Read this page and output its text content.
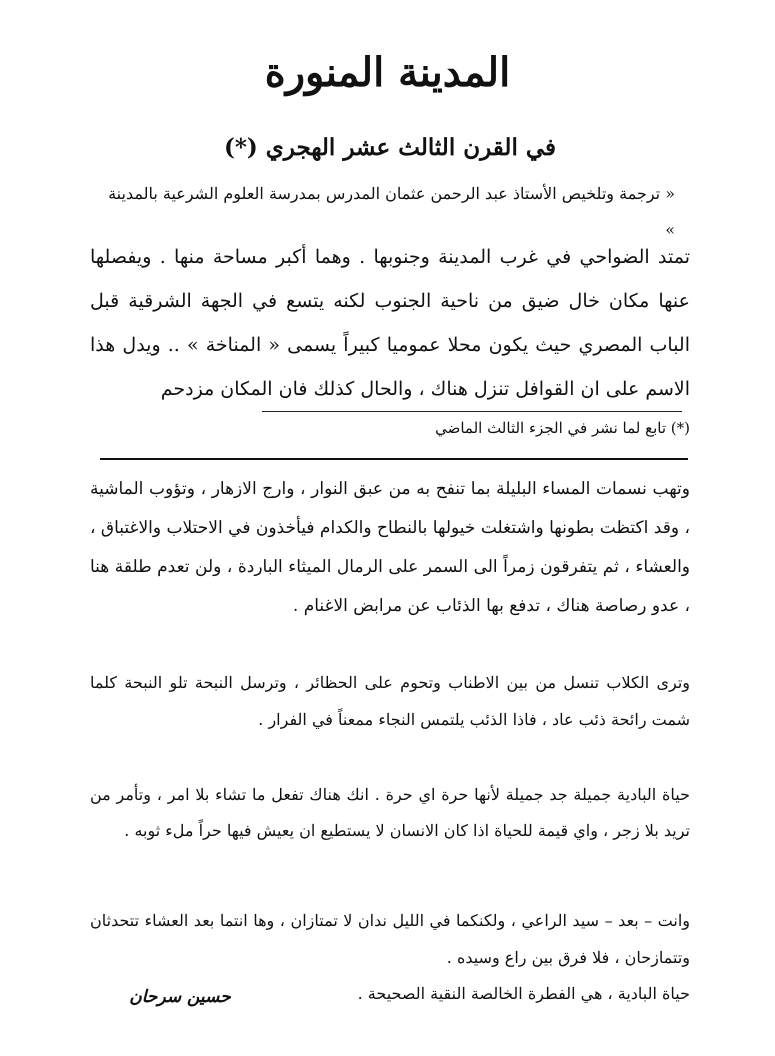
المدينة المنورة
في القرن الثالث عشر الهجري (*)
« ترجمة وتلخيص الأستاذ عبد الرحمن عثمان المدرس بمدرسة العلوم الشرعية بالمدينة »
تمتد الضواحي في غرب المدينة وجنوبها . وهما أكبر مساحة منها . ويفصلها عنها مكان خال ضيق من ناحية الجنوب لكنه يتسع في الجهة الشرقية قبل الباب المصري حيث يكون محلا عموميا كبيراً يسمى « المناخة » .. ويدل هذا الاسم على ان القوافل تنزل هناك ، والحال كذلك فان المكان مزدحم
(*) تابع لما نشر في الجزء الثالث الماضي
وتهب نسمات المساء البليلة بما تنفح به من عبق النوار ، وارج الازهار ، وتؤوب الماشية ، وقد اكتظت بطونها واشتغلت خيولها بالنطاح والكدام فيأخذون في الاحتلاب والاغتباق ، والعشاء ، ثم يتفرقون زمراً الى السمر على الرمال الميثاء الباردة ، ولن تعدم طلقة هنا ، عدو رصاصة هناك ، تدفع بها الذئاب عن مرابض الاغنام .
وترى الكلاب تنسل من بين الاطناب وتحوم على الحظائر ، وترسل النبحة تلو النبحة كلما شمت رائحة ذئب عاد ، فاذا الذئب يلتمس النجاء ممعناً في الفرار .
حياة البادية جميلة جد جميلة لأنها حرة اي حرة . انك هناك تفعل ما تشاء بلا امر ، وتأمر من تريد بلا زجر ، واي قيمة للحياة اذا كان الانسان لا يستطيع ان يعيش فيها حراً ملء ثوبه .
وانت – بعد – سيد الراعي ، ولكنكما في الليل ندان لا تمتازان ، وها انتما بعد العشاء تتحدثان وتتمازحان ، فلا فرق بين راع وسيده .
حياة البادية ، هي الفطرة الخالصة النقية الصحيحة .
حسين سرحان
